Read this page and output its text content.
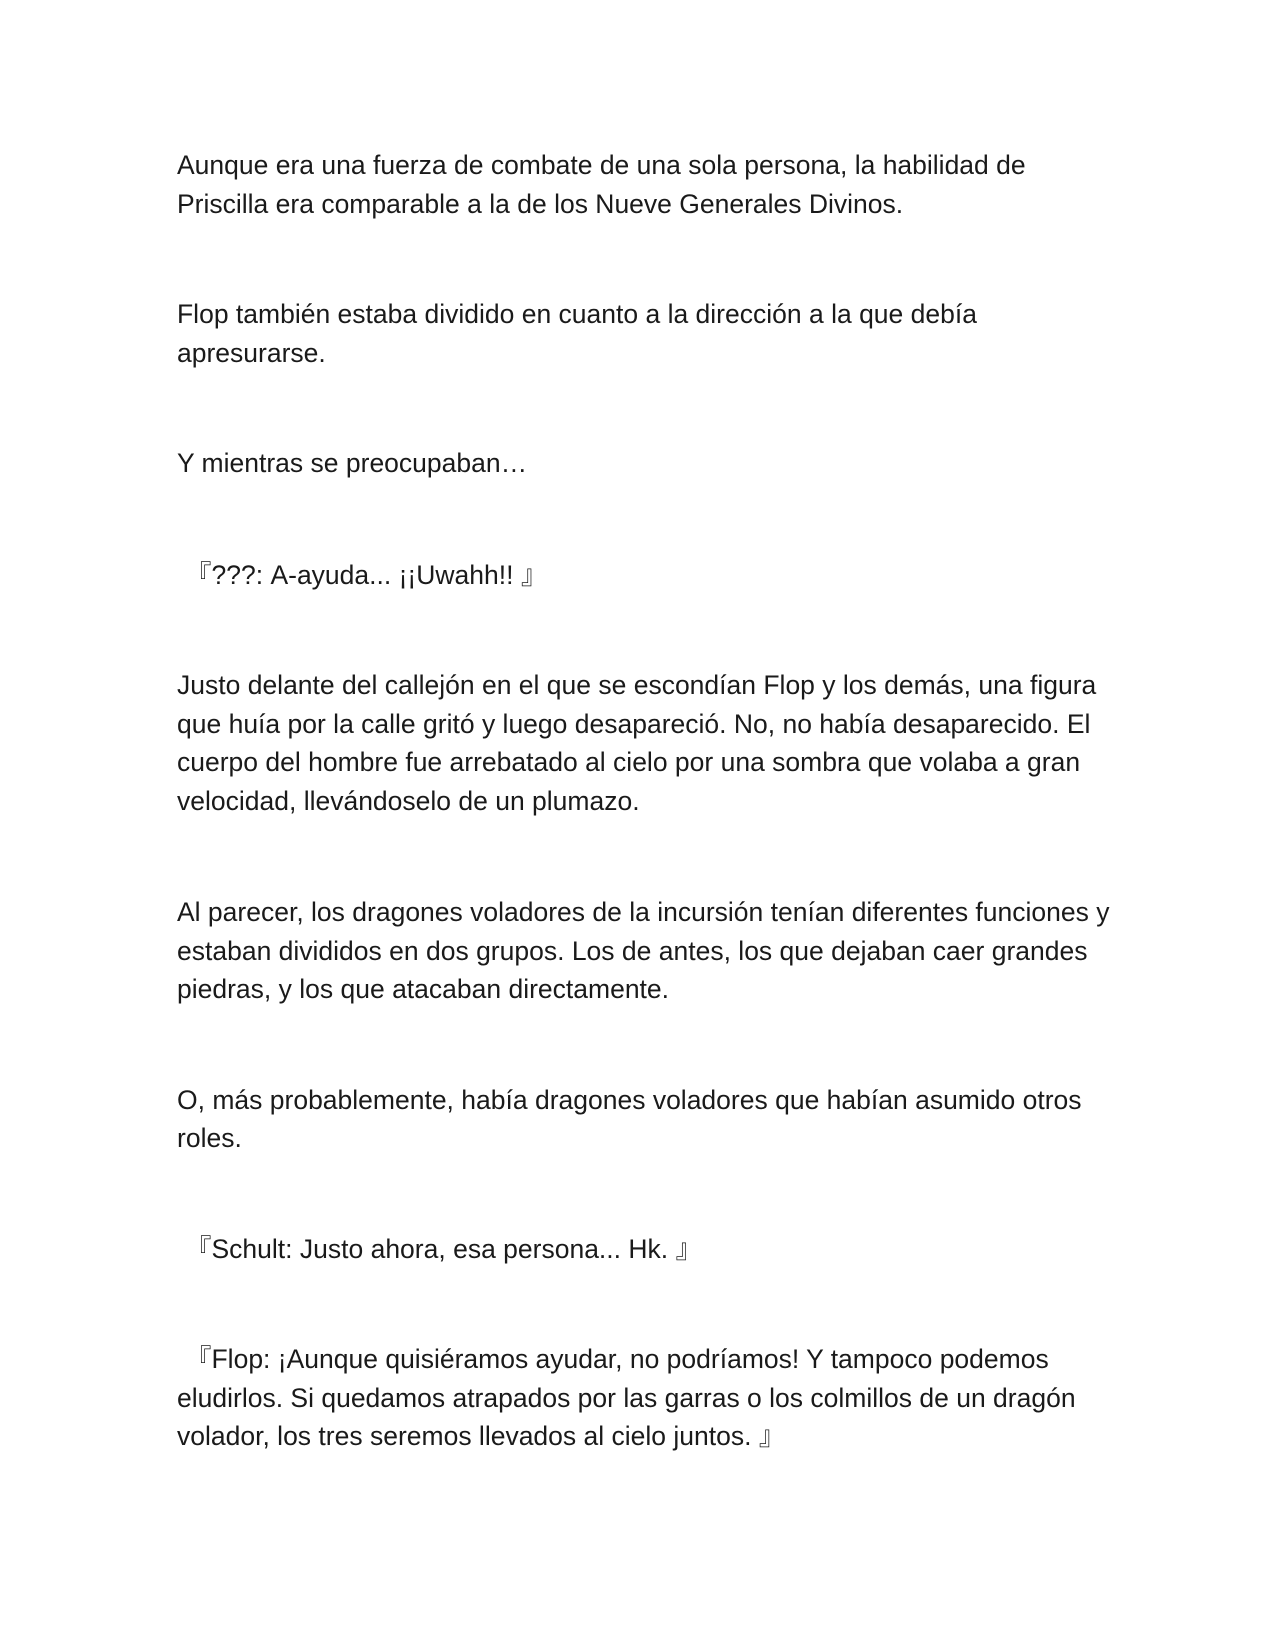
Aunque era una fuerza de combate de una sola persona, la habilidad de Priscilla era comparable a la de los Nueve Generales Divinos.

Flop también estaba dividido en cuanto a la dirección a la que debía apresurarse.

Y mientras se preocupaban…

『???: A-ayuda... ¡¡Uwahh!! 』

Justo delante del callejón en el que se escondían Flop y los demás, una figura que huía por la calle gritó y luego desapareció. No, no había desaparecido. El cuerpo del hombre fue arrebatado al cielo por una sombra que volaba a gran velocidad, llevándoselo de un plumazo.

Al parecer, los dragones voladores de la incursión tenían diferentes funciones y estaban divididos en dos grupos. Los de antes, los que dejaban caer grandes piedras, y los que atacaban directamente.

O, más probablemente, había dragones voladores que habían asumido otros roles.

『Schult: Justo ahora, esa persona... Hk. 』

『Flop: ¡Aunque quisiéramos ayudar, no podríamos! Y tampoco podemos eludirlos. Si quedamos atrapados por las garras o los colmillos de un dragón volador, los tres seremos llevados al cielo juntos. 』
